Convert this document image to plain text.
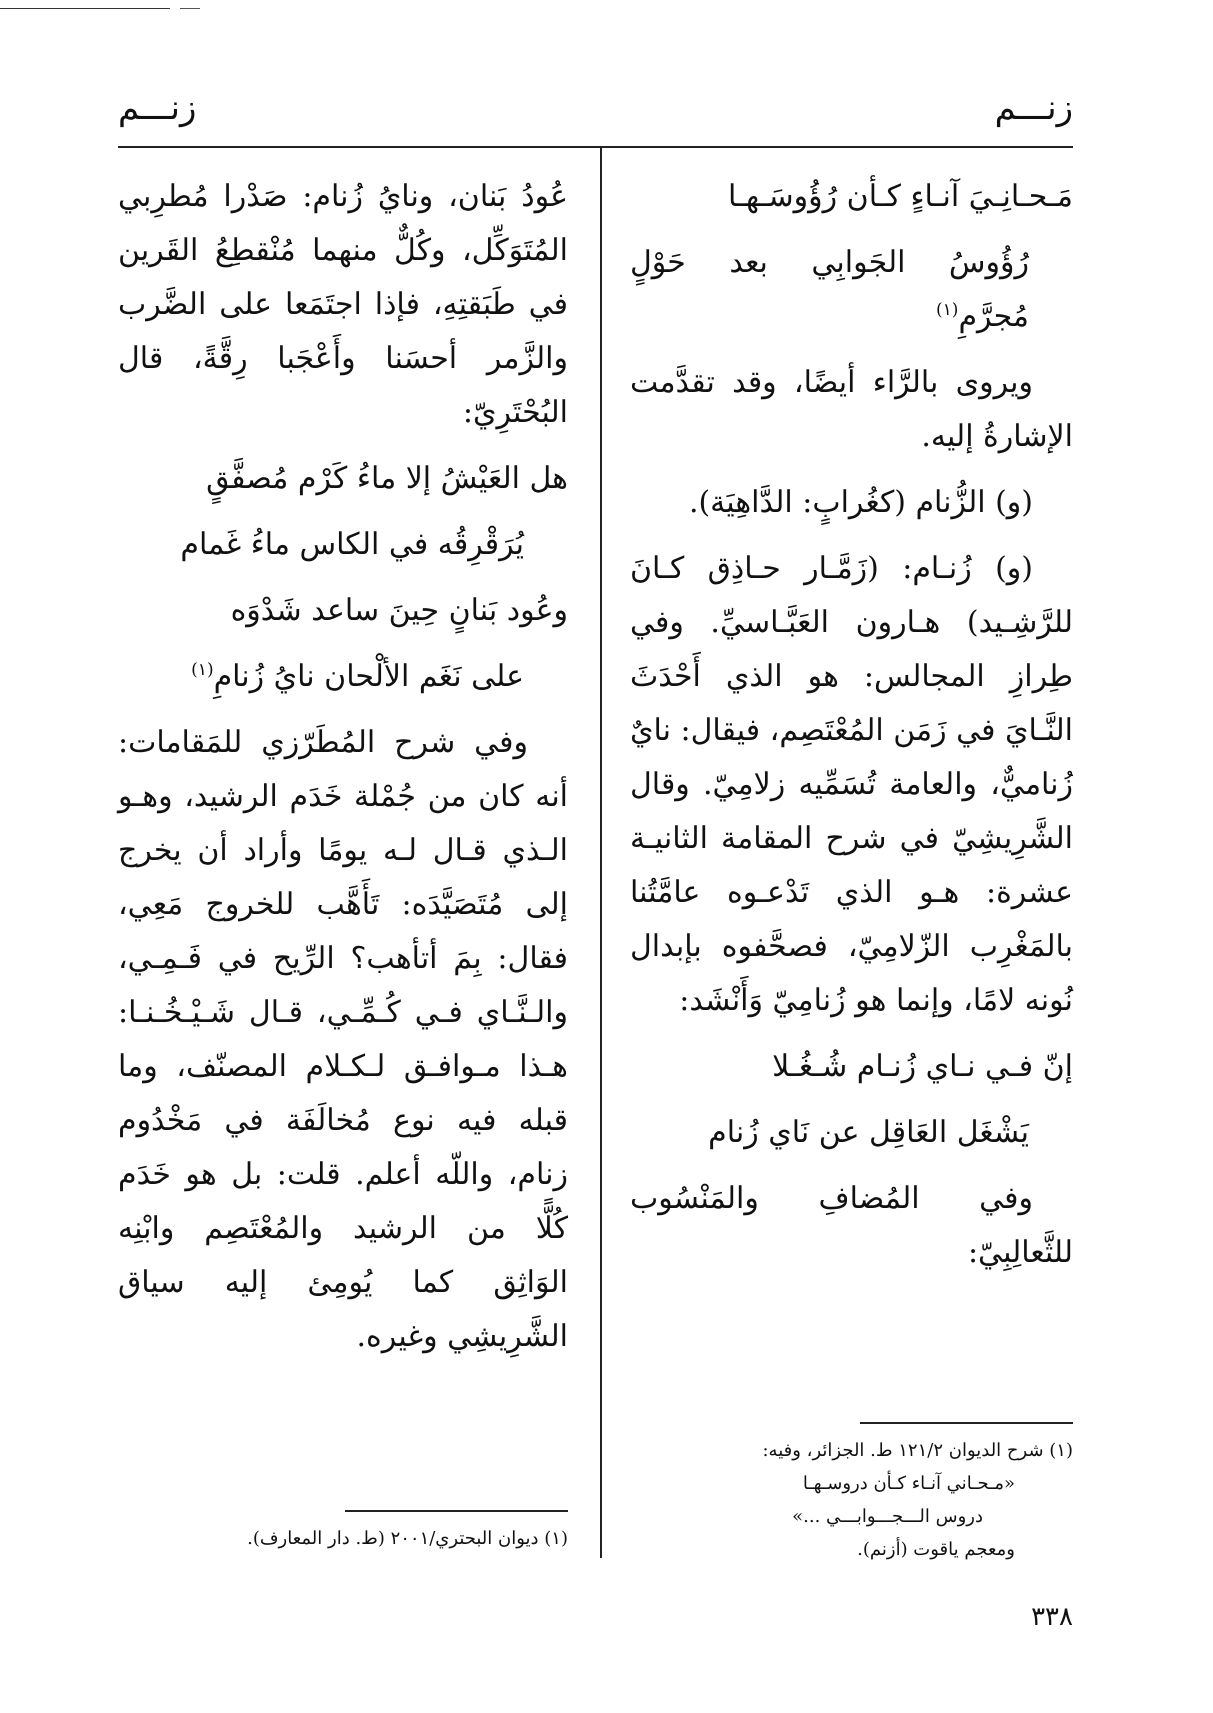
زنـــم
زنـــم

مَـحـانِـيَ آنـاءٍ كـأن رُؤُوسَـهـا

رُؤُوسُ الجَوابِي بعد حَوْلٍ مُجرَّمِ$^{(١)}$

ويروى بالرَّاء أيضًا، وقد تقدَّمت الإشارةُ إليه.

(و) الزُّنام (كغُرابٍ: الدَّاهِيَة).

(و) زُنـام: (زَمَّـار حـاذِق كـانَ للرَّشِـيد) هـارون العَبَّـاسيِّ. وفي طِرازِ المجالس: هو الذي أَحْدَثَ النَّـايَ في زَمَن المُعْتَصِم، فيقال: نايٌ زُناميٌّ، والعامة تُسَمِّيه زلامِيّ. وقال الشَّرِيشِيّ في شرح المقامة الثانيـة عشرة: هـو الذي تَدْعـوه عامَّتُنا بالمَغْرِب الزّلامِيّ، فصحَّفوه بإبدال نُونه لامًا، وإنما هو زُنامِيّ وَأَنْشَد:

إنّ فـي نـاي زُنـام شُـغُـلا

يَشْغَل العَاقِل عن نَاي زُنام

وفي المُضافِ والمَنْسُوب للثَّعالِبِيّ:

عُودُ بَنان، ونايُ زُنام: صَدْرا مُطرِبي المُتَوَكِّل، وكُلٌّ منهما مُنْقطِعُ القَرين في طَبَقتِهِ، فإذا اجتَمَعا على الضَّرب والزَّمر أحسَنا وأَعْجَبا رِقَّةً، قال البُحْتَرِيّ:

هل العَيْشُ إلا ماءُ كَرْم مُصفَّقٍ

يُرَقْرِقُه في الكاس ماءُ غَمام

وعُود بَنانٍ حِينَ ساعد شَدْوَه

على نَغَم الألْحان نايُ زُنامِ$^{(١)}$

وفي شرح المُطَرّزي للمَقامات: أنه كان من جُمْلة خَدَم الرشيد، وهـو الـذي قـال لـه يومًا وأراد أن يخرج إلى مُتَصَيَّدَه: تَأَهَّب للخروج مَعِي، فقال: بِمَ أتأهب؟ الرِّيح في فَـمِـي، والـنَّـاي فـي كُـمِّـي، قـال شَـيْـخُـنـا: هـذا مـوافـق لـكـلام المصنّف، وما قبله فيه نوع مُخالَفَة في مَخْدُوم زنام، واللّه أعلم. قلت: بل هو خَدَم كُلًّا من الرشيد والمُعْتَصِم وابْنِه الوَاثِق كما يُومِئ إليه سياق الشَّرِيشِي وغيره.

(١) شرح الديوان ١٢١/٢ ط. الجزائر، وفيه:

«مـحـاني آنـاء كـأن دروسـهـا

دروس الـــجـــوابـــي ...»

ومعجم ياقوت (أزنم).

(١) ديوان البحتري/٢٠٠١ (ط. دار المعارف).

٣٣٨
